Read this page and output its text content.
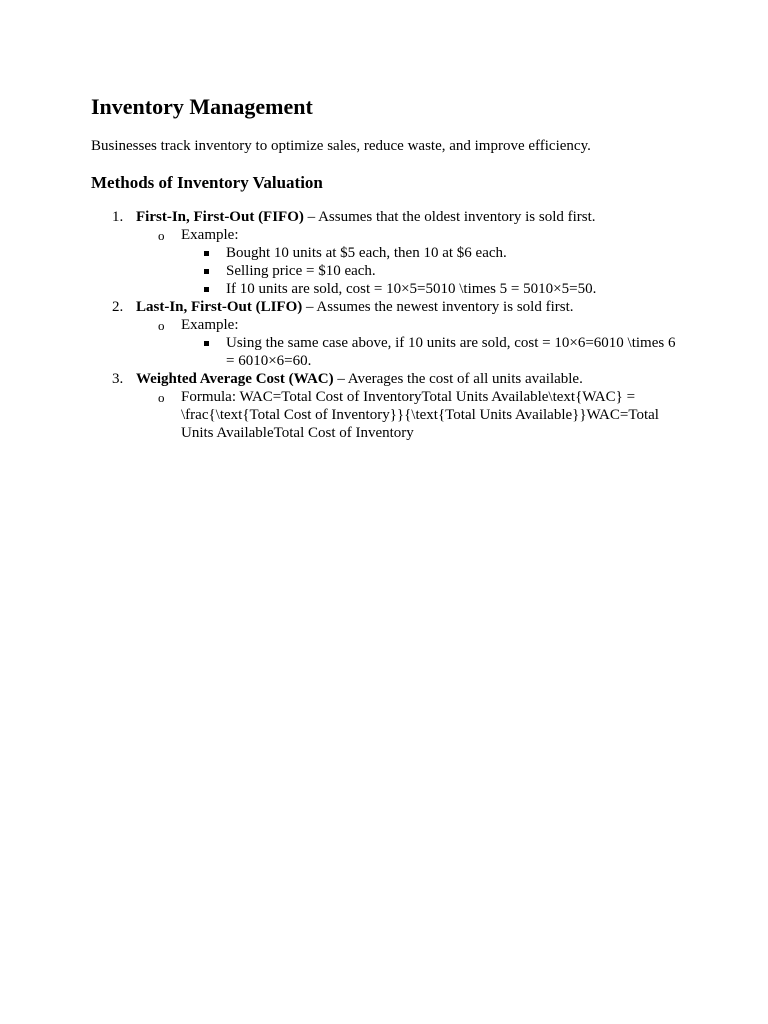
Inventory Management

Businesses track inventory to optimize sales, reduce waste, and improve efficiency.

Methods of Inventory Valuation
1. First-In, First-Out (FIFO) – Assumes that the oldest inventory is sold first.
o Example:
Bought 10 units at $5 each, then 10 at $6 each.
Selling price = $10 each.
If 10 units are sold, cost = 10×5=5010 \times 5 = 5010×5=50.
2. Last-In, First-Out (LIFO) – Assumes the newest inventory is sold first.
o Example:
Using the same case above, if 10 units are sold, cost = 10×6=6010 \times 6 = 6010×6=60.
3. Weighted Average Cost (WAC) – Averages the cost of all units available.
o Formula: WAC=Total Cost of InventoryTotal Units Available\text{WAC} = \frac{\text{Total Cost of Inventory}}{\text{Total Units Available}}WAC=Total Units AvailableTotal Cost of Inventory
